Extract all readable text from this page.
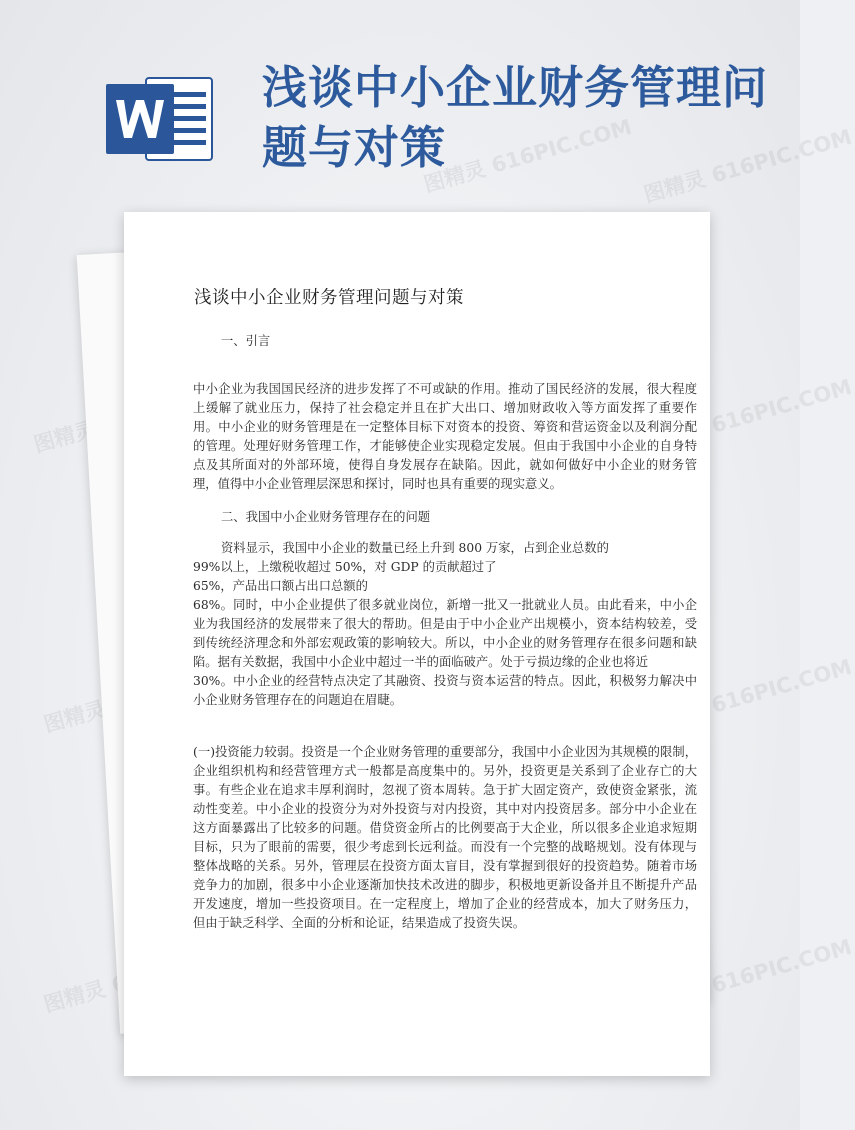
浅谈中小企业财务管理问题与对策
浅谈中小企业财务管理问题与对策

一、引言

中小企业为我国国民经济的进步发挥了不可或缺的作用。推动了国民经济的发展，很大程度上缓解了就业压力，保持了社会稳定并且在扩大出口、增加财政收入等方面发挥了重要作用。中小企业的财务管理是在一定整体目标下对资本的投资、筹资和营运资金以及利润分配的管理。处理好财务管理工作，才能够使企业实现稳定发展。但由于我国中小企业的自身特点及其所面对的外部环境，使得自身发展存在缺陷。因此，就如何做好中小企业的财务管理，值得中小企业管理层深思和探讨，同时也具有重要的现实意义。

二、我国中小企业财务管理存在的问题

资料显示，我国中小企业的数量已经上升到 800 万家，占到企业总数的
99%以上，上缴税收超过 50%，对 GDP 的贡献超过了
65%，产品出口额占出口总额的
68%。同时，中小企业提供了很多就业岗位，新增一批又一批就业人员。由此看来，中小企业为我国经济的发展带来了很大的帮助。但是由于中小企业产出规模小，资本结构较差，受到传统经济理念和外部宏观政策的影响较大。所以，中小企业的财务管理存在很多问题和缺陷。据有关数据，我国中小企业中超过一半的面临破产。处于亏损边缘的企业也将近
30%。中小企业的经营特点决定了其融资、投资与资本运营的特点。因此，积极努力解决中小企业财务管理存在的问题迫在眉睫。

(一)投资能力较弱。投资是一个企业财务管理的重要部分，我国中小企业因为其规模的限制，企业组织机构和经营管理方式一般都是高度集中的。另外，投资更是关系到了企业存亡的大事。有些企业在追求丰厚利润时，忽视了资本周转。急于扩大固定资产，致使资金紧张，流动性变差。中小企业的投资分为对外投资与对内投资，其中对内投资居多。部分中小企业在这方面暴露出了比较多的问题。借贷资金所占的比例要高于大企业，所以很多企业追求短期目标，只为了眼前的需要，很少考虑到长远利益。而没有一个完整的战略规划。没有体现与整体战略的关系。另外，管理层在投资方面太盲目，没有掌握到很好的投资趋势。随着市场竞争力的加剧，很多中小企业逐渐加快技术改进的脚步，积极地更新设备并且不断提升产品开发速度，增加一些投资项目。在一定程度上，增加了企业的经营成本，加大了财务压力，但由于缺乏科学、全面的分析和论证，结果造成了投资失误。
